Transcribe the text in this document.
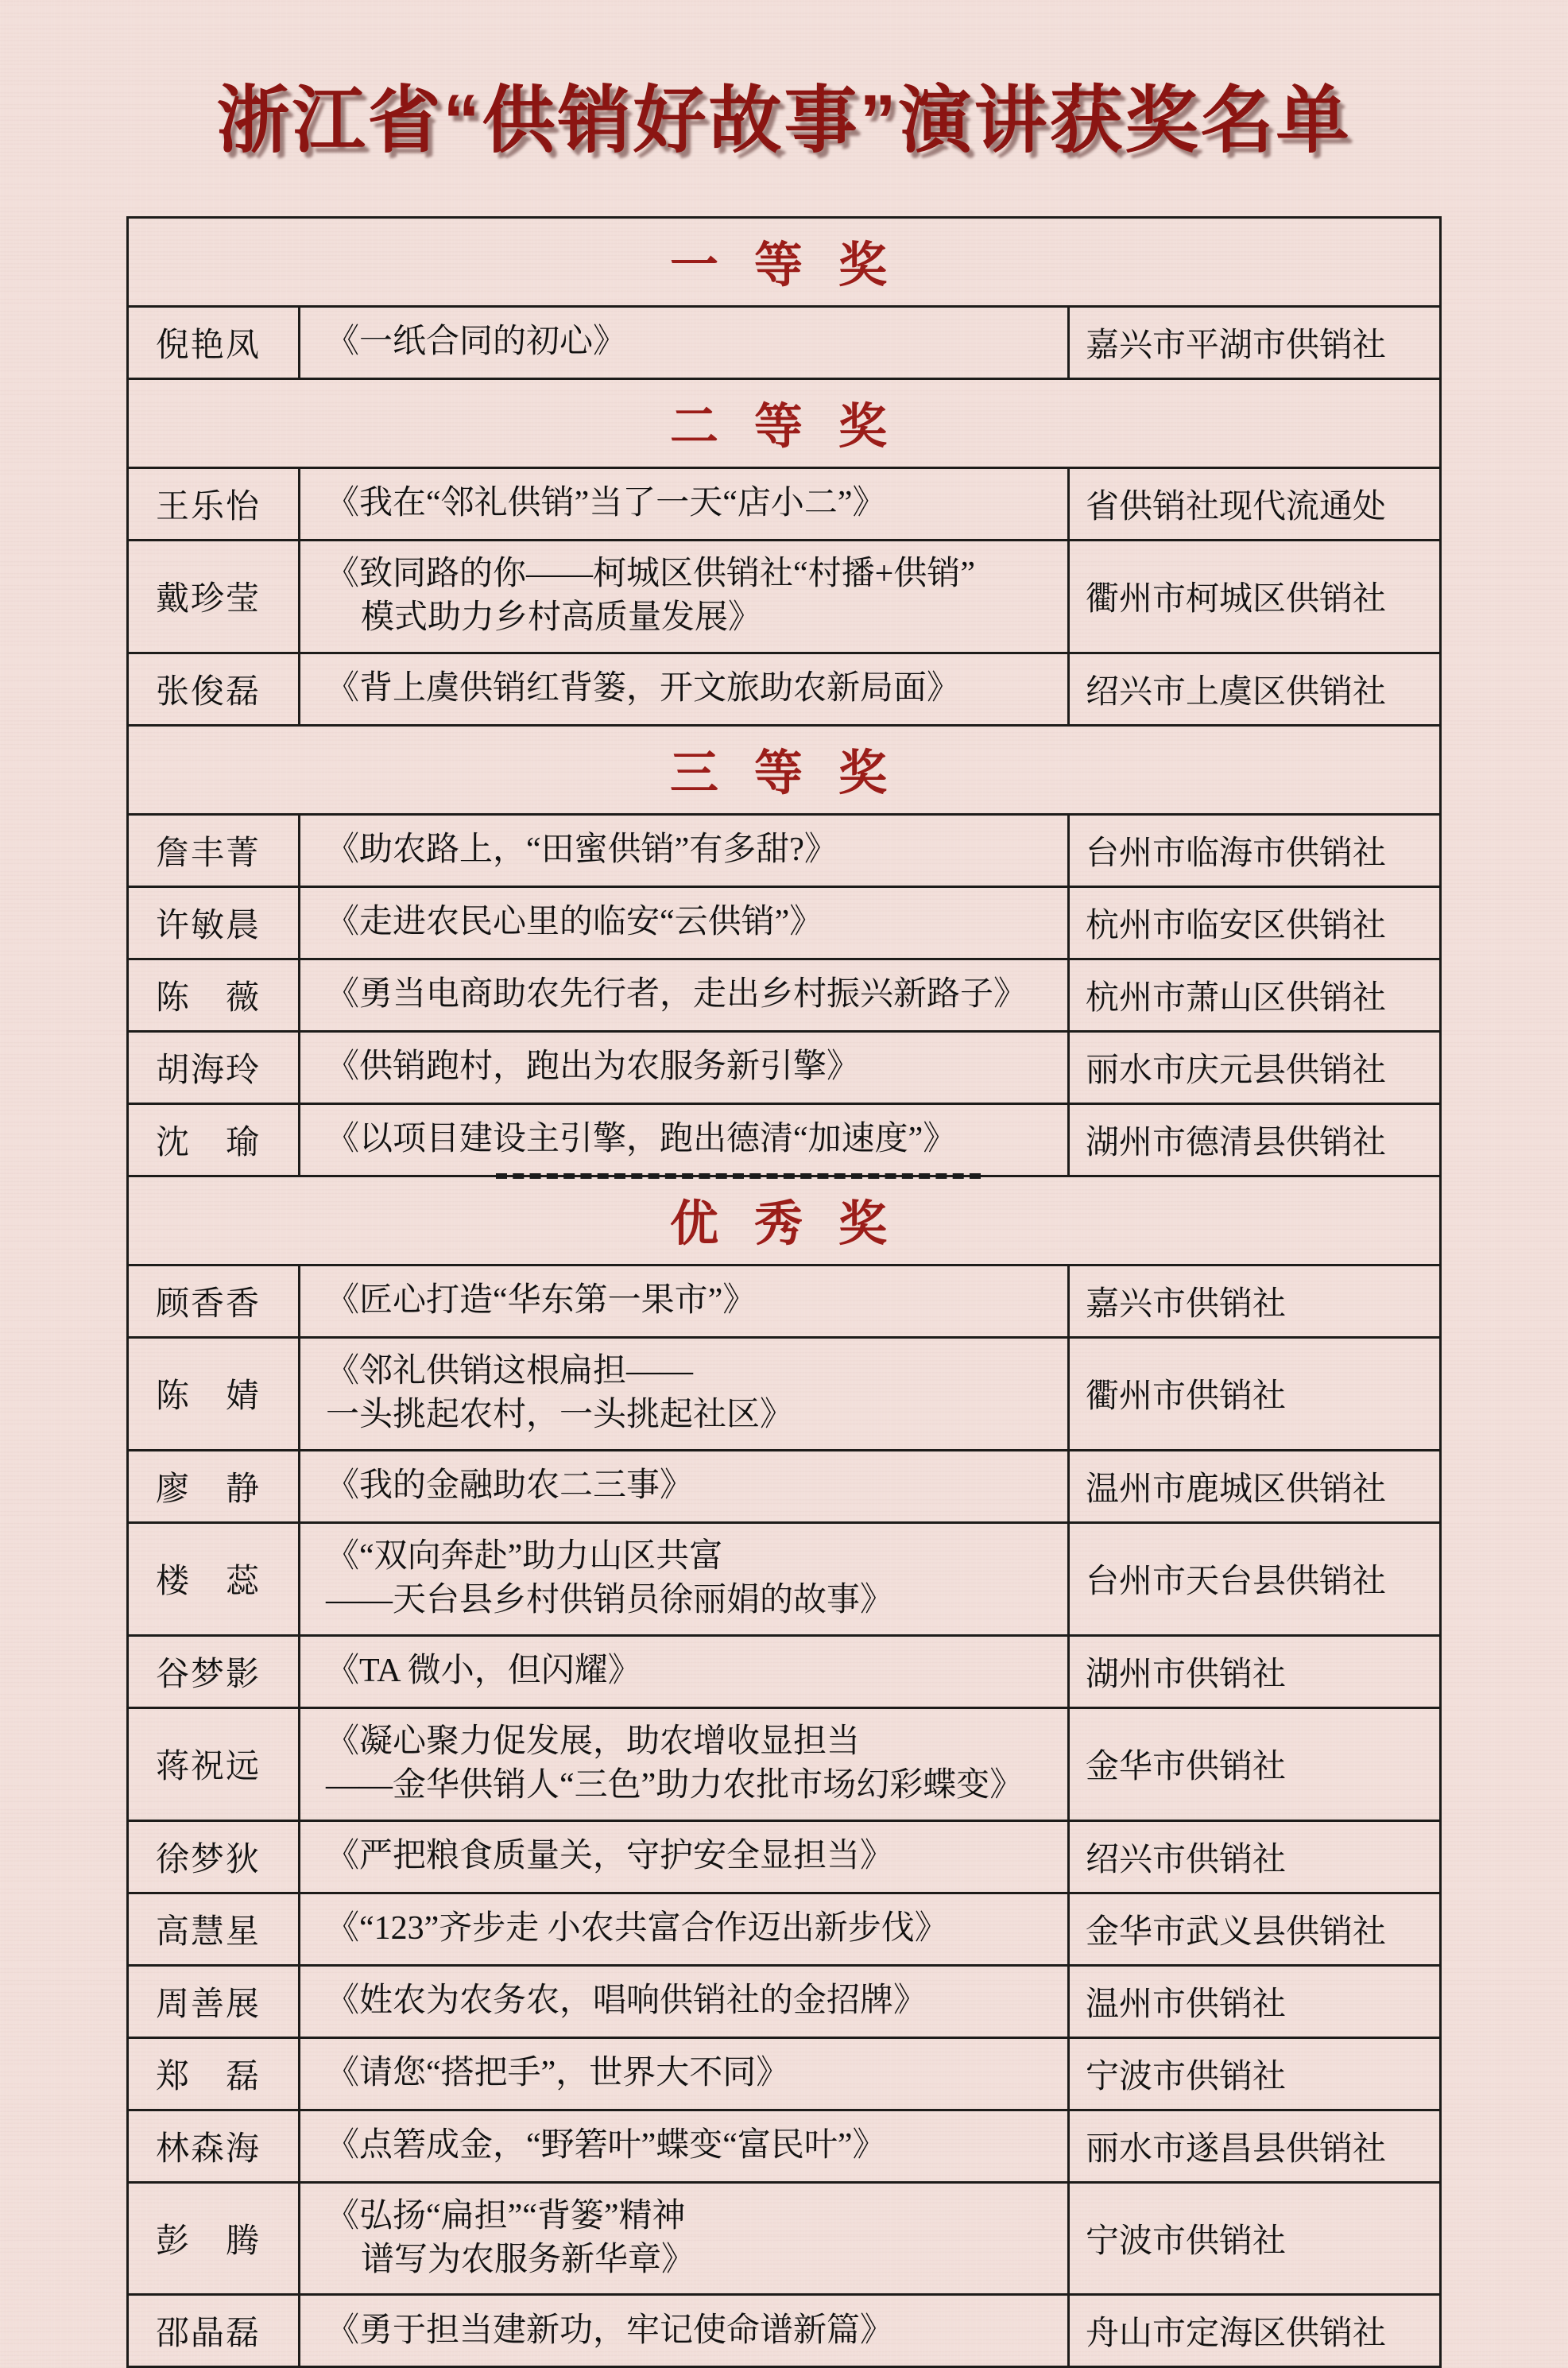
浙江省“供销好故事”演讲获奖名单
一 等 奖		
倪艳凤	《一纸合同的初心》	嘉兴市平湖市供销社
二 等 奖		
王乐怡	《我在“邻礼供销”当了一天“店小二”》	省供销社现代流通处
戴珍莹	《致同路的你——柯城区供销社“村播+供销”
模式助力乡村高质量发展》	衢州市柯城区供销社
张俊磊	《背上虞供销红背篓，开文旅助农新局面》	绍兴市上虞区供销社
三 等 奖		
詹丰菁	《助农路上，“田蜜供销”有多甜?》	台州市临海市供销社
许敏晨	《走进农民心里的临安“云供销”》	杭州市临安区供销社
陈薇	《勇当电商助农先行者，走出乡村振兴新路子》	杭州市萧山区供销社
胡海玲	《供销跑村，跑出为农服务新引擎》	丽水市庆元县供销社
沈瑜	《以项目建设主引擎，跑出德清“加速度”》	湖州市德清县供销社

优 秀 奖		
顾香香	《匠心打造“华东第一果市”》	嘉兴市供销社
陈婧	《邻礼供销这根扁担——
一头挑起农村，一头挑起社区》	衢州市供销社
廖静	《我的金融助农二三事》	温州市鹿城区供销社
楼蕊	《“双向奔赴”助力山区共富
——天台县乡村供销员徐丽娟的故事》	台州市天台县供销社
谷梦影	《TA 微小，但闪耀》	湖州市供销社
蒋祝远	《凝心聚力促发展，助农增收显担当
——金华供销人“三色”助力农批市场幻彩蝶变》	金华市供销社
徐梦狄	《严把粮食质量关，守护安全显担当》	绍兴市供销社
高慧星	《“123”齐步走 小农共富合作迈出新步伐》	金华市武义县供销社
周善展	《姓农为农务农，唱响供销社的金招牌》	温州市供销社
郑磊	《请您“搭把手”，世界大不同》	宁波市供销社
林森海	《点箬成金，“野箬叶”蝶变“富民叶”》	丽水市遂昌县供销社
彭腾	《弘扬“扁担”“背篓”精神
谱写为农服务新华章》	宁波市供销社
邵晶磊	《勇于担当建新功，牢记使命谱新篇》	舟山市定海区供销社
